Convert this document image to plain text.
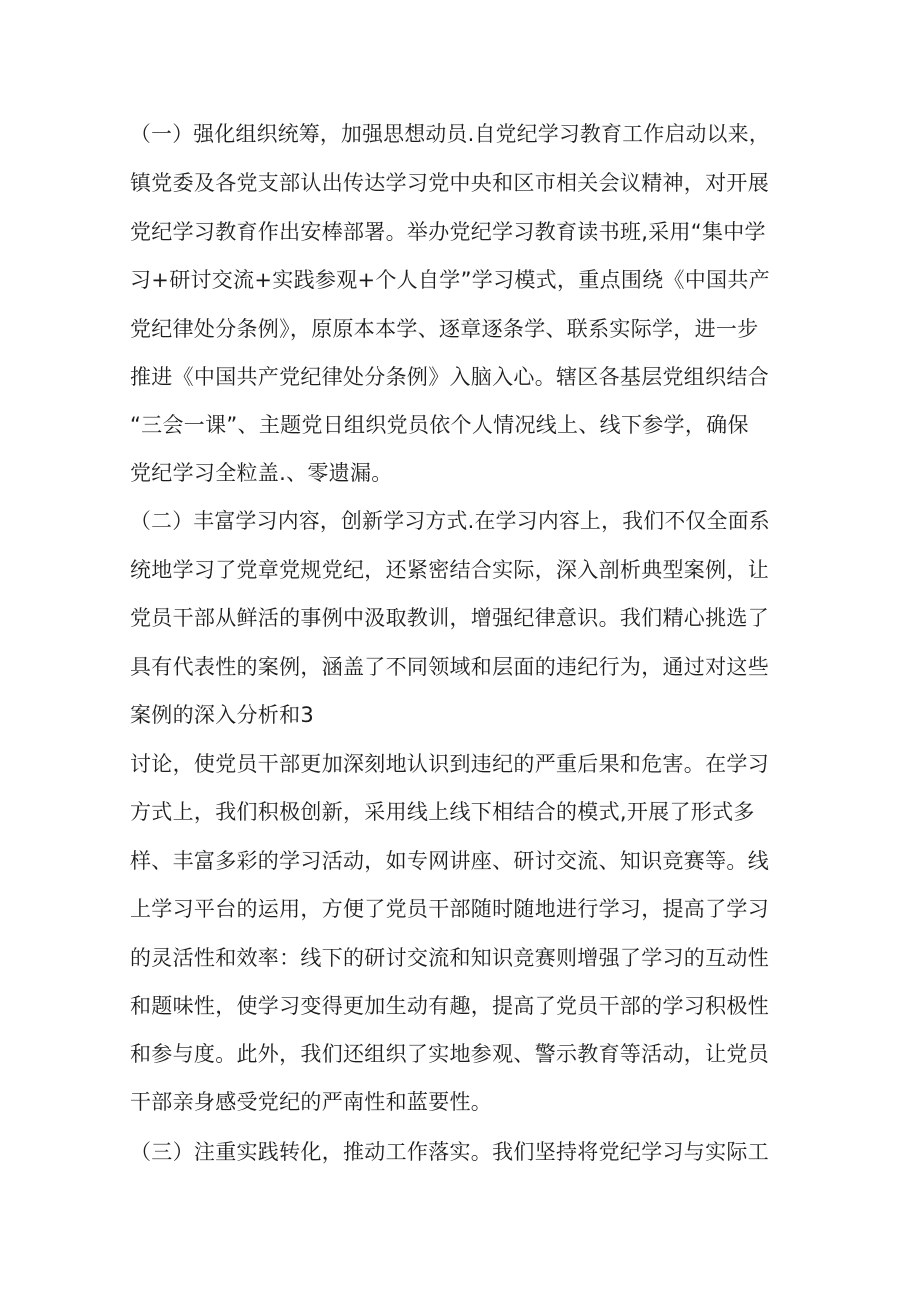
（一）强化组织统筹，加强思想动员.自党纪学习教育工作启动以来，
镇党委及各党支部认出传达学习党中央和区市相关会议精神，对开展
党纪学习教育作出安棒部署。举办党纪学习教育读书班,采用“集中学
习+研讨交流+实践参观+个人自学”学习模式，重点围绕《中国共产
党纪律处分条例》，原原本本学、逐章逐条学、联系实际学，进一步
推进《中国共产党纪律处分条例》入脑入心。辖区各基层党组织结合
“三会一课”、主题党日组织党员依个人情况线上、线下参学，确保
党纪学习全粒盖.、零遗漏。
（二）丰富学习内容，创新学习方式.在学习内容上，我们不仅全面系
统地学习了党章党规党纪，还紧密结合实际，深入剖析典型案例，让
党员干部从鲜活的事例中汲取教训，增强纪律意识。我们精心挑选了
具有代表性的案例，涵盖了不同领域和层面的违纪行为，通过对这些
案例的深入分析和3
讨论，使党员干部更加深刻地认识到违纪的严重后果和危害。在学习
方式上，我们积极创新，采用线上线下相结合的模式,开展了形式多
样、丰富多彩的学习活动，如专网讲座、研讨交流、知识竞赛等。线
上学习平台的运用，方便了党员干部随时随地进行学习，提高了学习
的灵活性和效率：线下的研讨交流和知识竞赛则增强了学习的互动性
和题味性，使学习变得更加生动有趣，提高了党员干部的学习积极性
和参与度。此外，我们还组织了实地参观、警示教育等活动，让党员
干部亲身感受党纪的严南性和蓝要性。
（三）注重实践转化，推动工作落实。我们坚持将党纪学习与实际工
